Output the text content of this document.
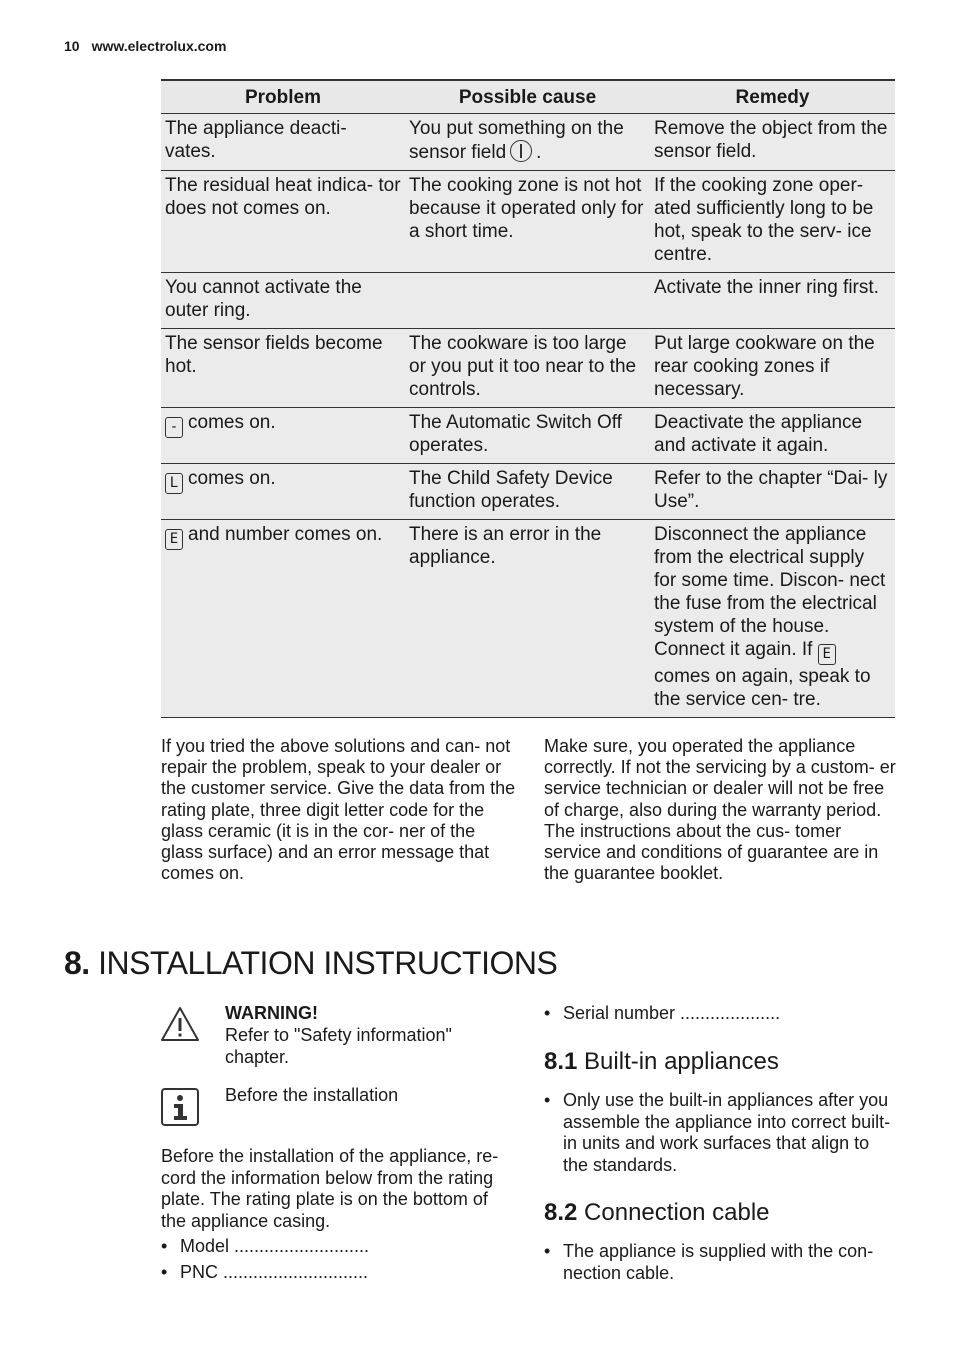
10 www.electrolux.com
Problem	Possible cause	Remedy
The appliance deacti- vates.	You put something on the sensor field .	Remove the object from the sensor field.
The residual heat indica- tor does not comes on.	The cooking zone is not hot because it operated only for a short time.	If the cooking zone oper- ated sufficiently long to be hot, speak to the serv- ice centre.
You cannot activate the outer ring.		Activate the inner ring first.
The sensor fields become hot.	The cookware is too large or you put it too near to the controls.	Put large cookware on the rear cooking zones if necessary.
- comes on.	The Automatic Switch Off operates.	Deactivate the appliance and activate it again.
L comes on.	The Child Safety Device function operates.	Refer to the chapter “Dai- ly Use”.
E and number comes on.	There is an error in the appliance.	Disconnect the appliance from the electrical supply for some time. Discon- nect the fuse from the electrical system of the house. Connect it again. If Ecomes on again, speak to the service cen- tre.
If you tried the above solutions and can- not repair the problem, speak to your dealer or the customer service. Give the data from the rating plate, three digit letter code for the glass ceramic (it is in the cor- ner of the glass surface) and an error message that comes on.
Make sure, you operated the appliance correctly. If not the servicing by a custom- er service technician or dealer will not be free of charge, also during the warranty period. The instructions about the cus- tomer service and conditions of guarantee are in the guarantee booklet.
8. INSTALLATION INSTRUCTIONS
WARNING!
Refer to "Safety information" chapter.
Before the installation
Before the installation of the appliance, re- cord the information below from the rating plate. The rating plate is on the bottom of the appliance casing.
• Model ...........................
• PNC .............................
• Serial number ....................
8.1 Built-in appliances
• Only use the built-in appliances after you assemble the appliance into correct built-in units and work surfaces that align to the standards.
8.2 Connection cable
• The appliance is supplied with the con- nection cable.
